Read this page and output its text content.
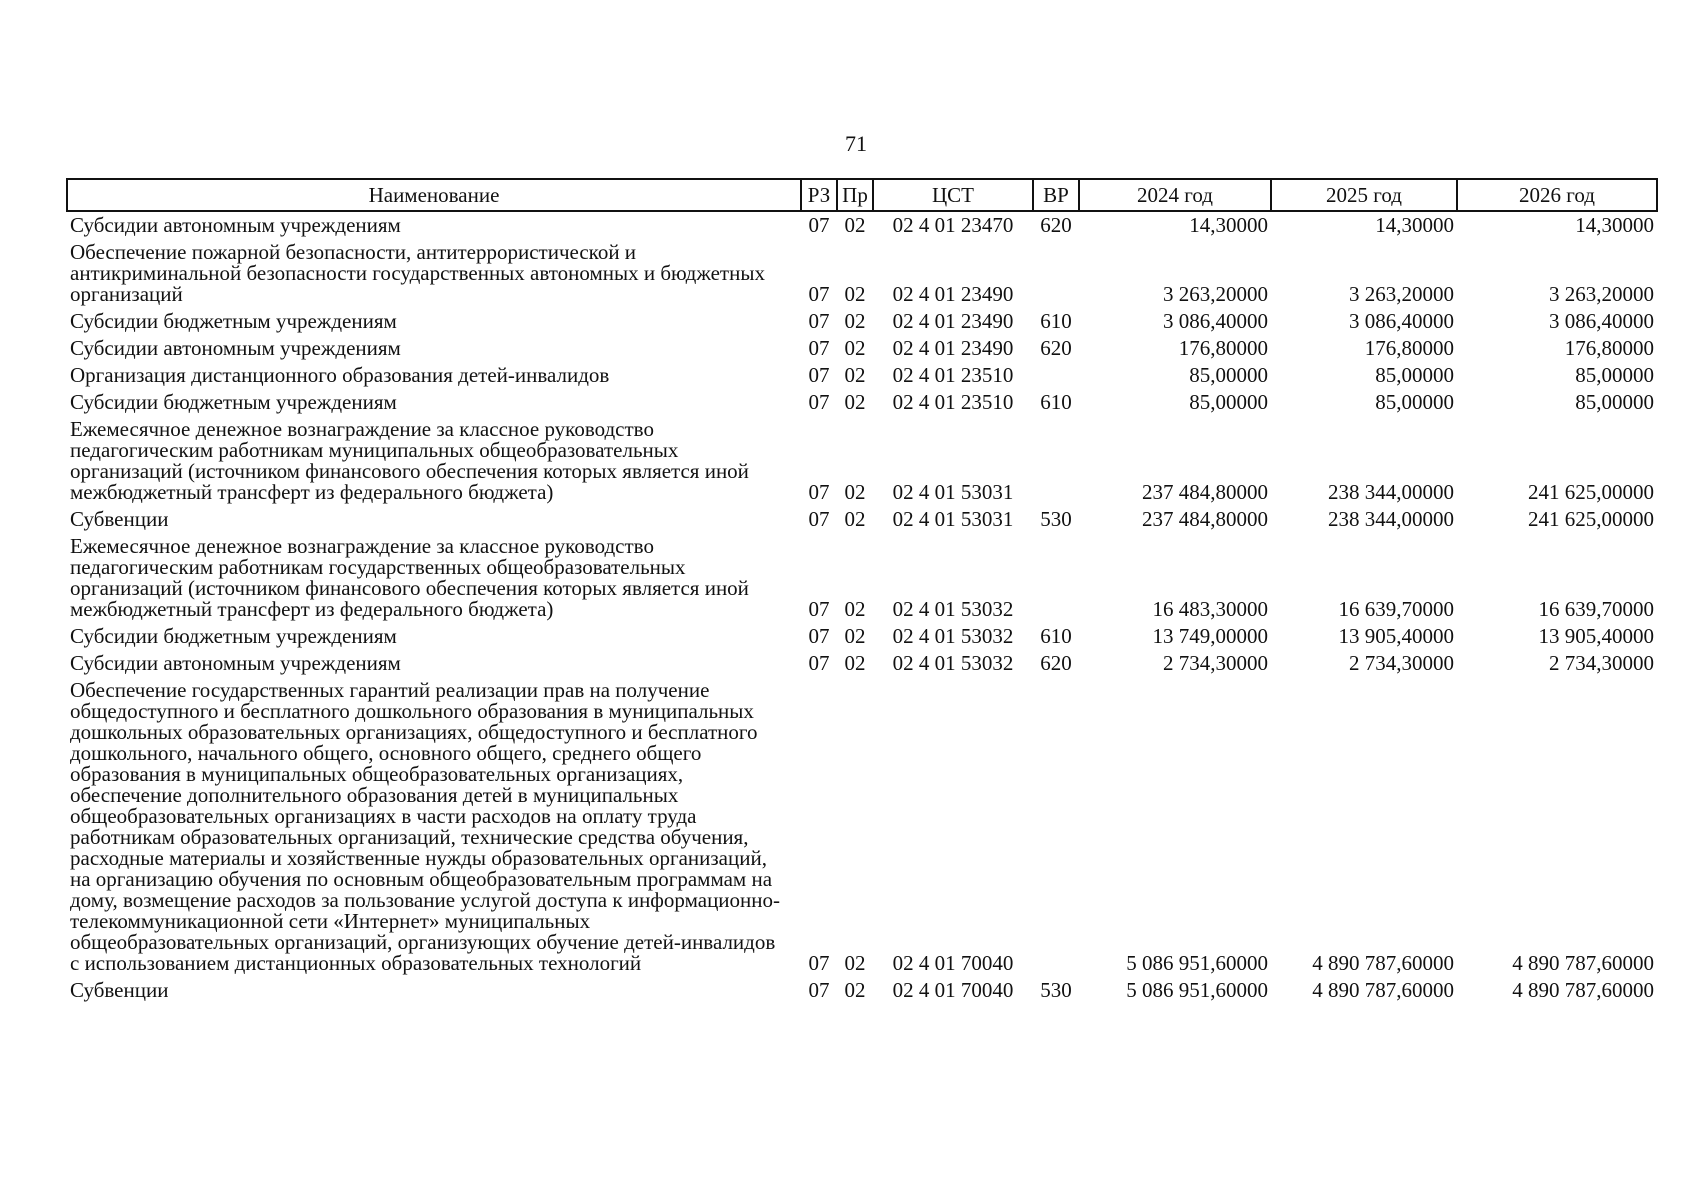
71
Наименование	РЗ	Пр	ЦСТ	ВР	2024 год	2025 год	2026 год
Субсидии автономным учреждениям	07	02	02 4 01 23470	620	14,30000	14,30000	14,30000
Обеспечение пожарной безопасности, антитеррористической и антикриминальной безопасности государственных автономных и бюджетных организаций	07	02	02 4 01 23490		3 263,20000	3 263,20000	3 263,20000
Субсидии бюджетным учреждениям	07	02	02 4 01 23490	610	3 086,40000	3 086,40000	3 086,40000
Субсидии автономным учреждениям	07	02	02 4 01 23490	620	176,80000	176,80000	176,80000
Организация дистанционного образования детей-инвалидов	07	02	02 4 01 23510		85,00000	85,00000	85,00000
Субсидии бюджетным учреждениям	07	02	02 4 01 23510	610	85,00000	85,00000	85,00000
Ежемесячное денежное вознаграждение за классное руководство педагогическим работникам муниципальных общеобразовательных организаций (источником финансового обеспечения которых является иной межбюджетный трансферт из федерального бюджета)	07	02	02 4 01 53031		237 484,80000	238 344,00000	241 625,00000
Субвенции	07	02	02 4 01 53031	530	237 484,80000	238 344,00000	241 625,00000
Ежемесячное денежное вознаграждение за классное руководство педагогическим работникам государственных общеобразовательных организаций (источником финансового обеспечения которых является иной межбюджетный трансферт из федерального бюджета)	07	02	02 4 01 53032		16 483,30000	16 639,70000	16 639,70000
Субсидии бюджетным учреждениям	07	02	02 4 01 53032	610	13 749,00000	13 905,40000	13 905,40000
Субсидии автономным учреждениям	07	02	02 4 01 53032	620	2 734,30000	2 734,30000	2 734,30000
Обеспечение государственных гарантий реализации прав на получение общедоступного и бесплатного дошкольного образования в муниципальных дошкольных образовательных организациях, общедоступного и бесплатного дошкольного, начального общего, основного общего, среднего общего образования в муниципальных общеобразовательных организациях, обеспечение дополнительного образования детей в муниципальных общеобразовательных организациях в части расходов на оплату труда работникам образовательных организаций, технические средства обучения, расходные материалы и хозяйственные нужды образовательных организаций, на организацию обучения по основным общеобразовательным программам на дому, возмещение расходов за пользование услугой доступа к информационно-телекоммуникационной сети «Интернет» муниципальных общеобразовательных организаций, организующих обучение детей-инвалидов с использованием дистанционных образовательных технологий	07	02	02 4 01 70040		5 086 951,60000	4 890 787,60000	4 890 787,60000
Субвенции	07	02	02 4 01 70040	530	5 086 951,60000	4 890 787,60000	4 890 787,60000
